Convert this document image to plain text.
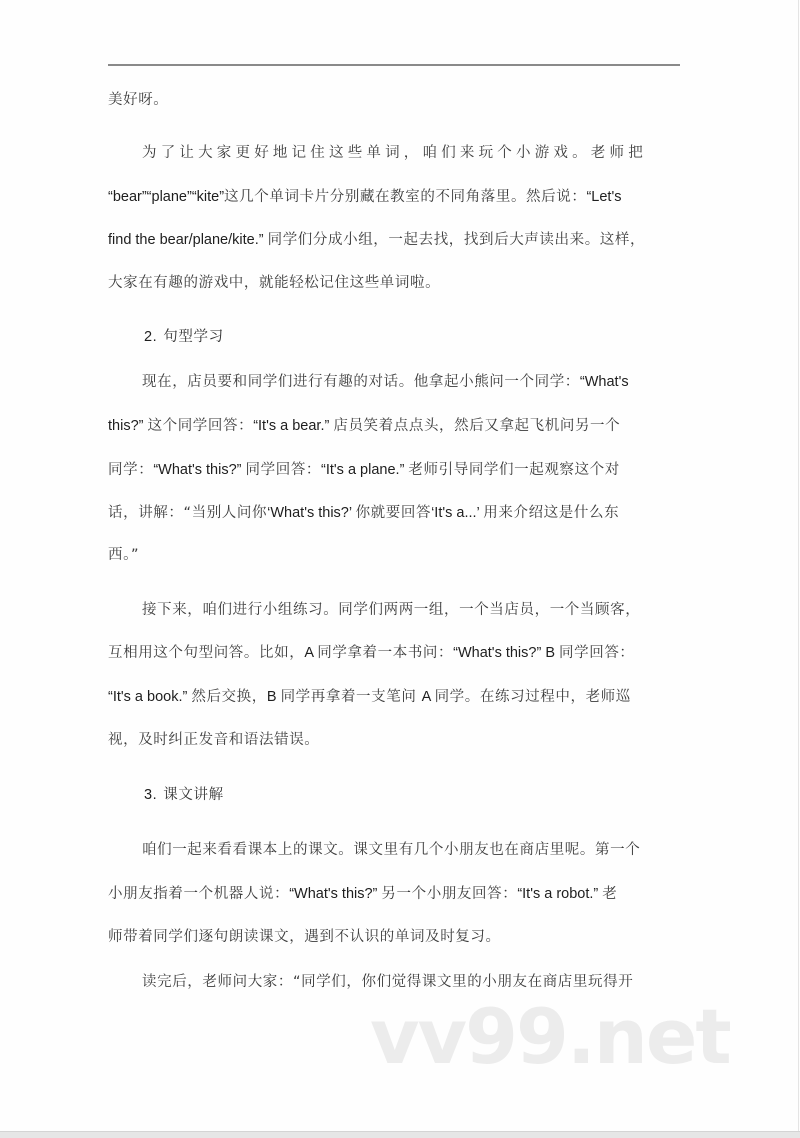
2. 句型学习
3. 课文讲解
美好呀。
为了让大家更好地记住这些单词，咱们来玩个小游戏。老师把
“bear”“plane”“kite”这几个单词卡片分别藏在教室的不同角落里。然后说：“Let's
find the bear/plane/kite.” 同学们分成小组，一起去找，找到后大声读出来。这样，
大家在有趣的游戏中，就能轻松记住这些单词啦。
现在，店员要和同学们进行有趣的对话。他拿起小熊问一个同学：“What's
this?” 这个同学回答：“It's a bear.” 店员笑着点点头，然后又拿起飞机问另一个
同学：“What's this?” 同学回答：“It's a plane.” 老师引导同学们一起观察这个对
话，讲解：“当别人问你‘What's this?’ 你就要回答‘It's a...’ 用来介绍这是什么东
西。”
接下来，咱们进行小组练习。同学们两两一组，一个当店员，一个当顾客，
互相用这个句型问答。比如，A 同学拿着一本书问：“What's this?” B 同学回答：
“It's a book.” 然后交换，B 同学再拿着一支笔问 A 同学。在练习过程中，老师巡
视，及时纠正发音和语法错误。
咱们一起来看看课本上的课文。课文里有几个小朋友也在商店里呢。第一个
小朋友指着一个机器人说：“What's this?” 另一个小朋友回答：“It's a robot.” 老
师带着同学们逐句朗读课文，遇到不认识的单词及时复习。
读完后，老师问大家：“同学们，你们觉得课文里的小朋友在商店里玩得开
vv99.net
